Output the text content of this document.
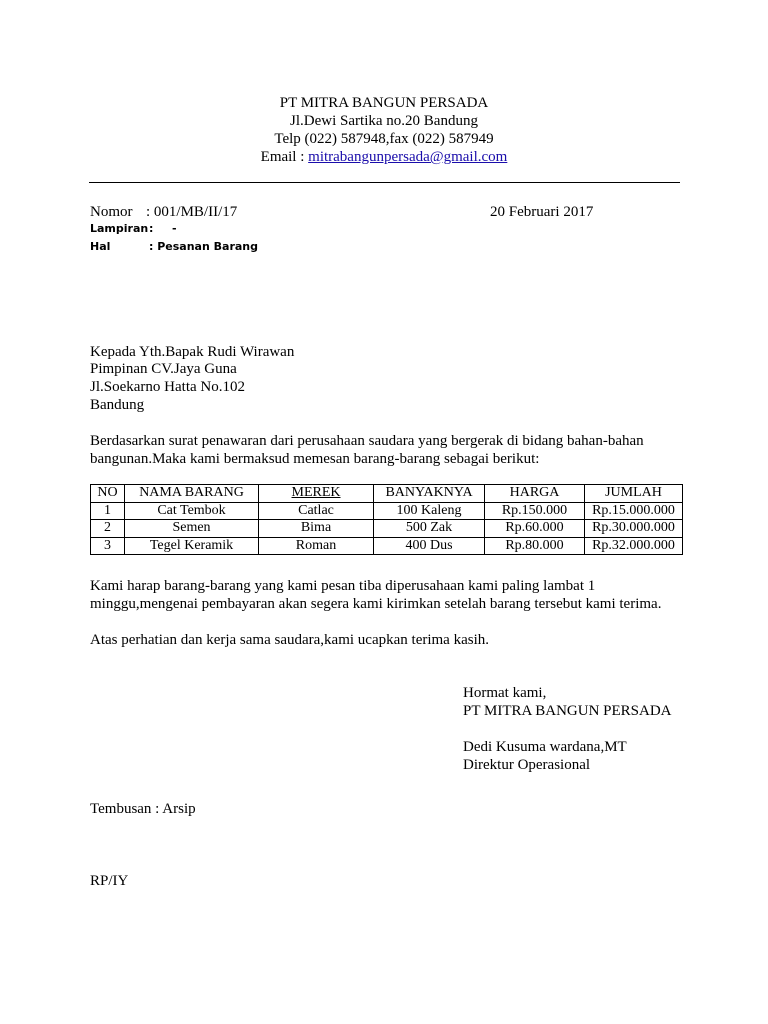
PT MITRA BANGUN PERSADA
Jl.Dewi Sartika no.20 Bandung
Telp (022) 587948,fax (022) 587949
Email : mitrabangunpersada@gmail.com
Nomor : 001/MB/II/17	20 Februari 2017
Lampiran : -
Hal	: Pesanan Barang
Kepada Yth.Bapak Rudi Wirawan
Pimpinan CV.Jaya Guna
Jl.Soekarno Hatta No.102
Bandung
Berdasarkan surat penawaran dari perusahaan saudara yang bergerak di bidang bahan-bahan
bangunan.Maka kami bermaksud memesan barang-barang sebagai berikut:
NO	NAMA BARANG	MEREK	BANYAKNYA	HARGA	JUMLAH
1	Cat Tembok	Catlac	100 Kaleng	Rp.150.000	Rp.15.000.000
2	Semen	Bima	500 Zak	Rp.60.000	Rp.30.000.000
3	Tegel Keramik	Roman	400 Dus	Rp.80.000	Rp.32.000.000
Kami harap barang-barang yang kami pesan tiba diperusahaan kami paling lambat 1
minggu,mengenai pembayaran akan segera kami kirimkan setelah barang tersebut kami terima.
Atas perhatian dan kerja sama saudara,kami ucapkan terima kasih.
Hormat kami,
PT MITRA BANGUN PERSADA
Dedi Kusuma wardana,MT
Direktur Operasional
Tembusan : Arsip
RP/IY
